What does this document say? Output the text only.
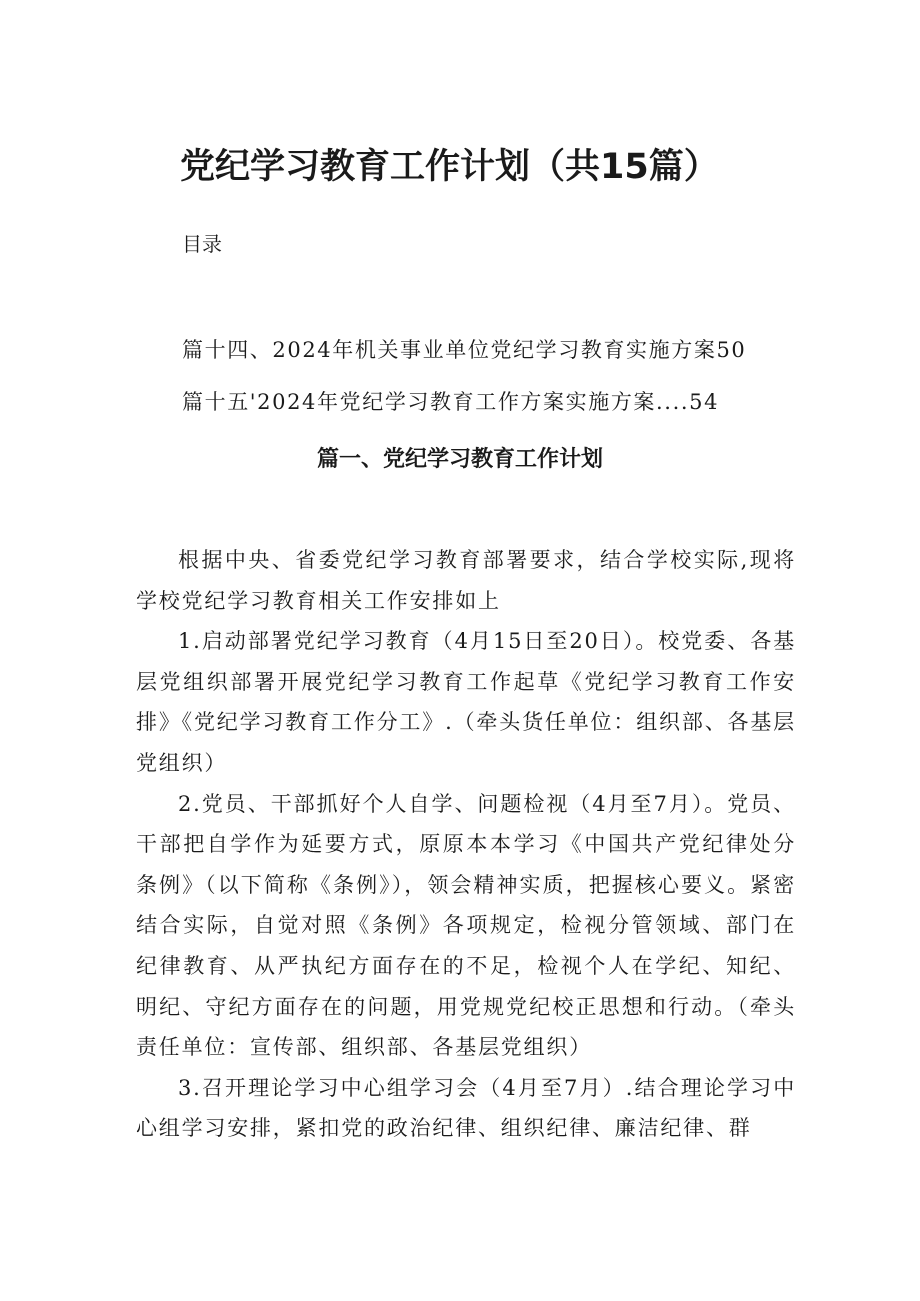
党纪学习教育工作计划（共15篇）
目录
篇十四、2024年机关事业单位党纪学习教育实施方案50
篇十五'2024年党纪学习教育工作方案实施方案....54
篇一、党纪学习教育工作计划

根据中央、省委党纪学习教育部署要求，结合学校实际,现将学校党纪学习教育相关工作安排如上

1.启动部署党纪学习教育（4月15日至20日）。校党委、各基层党组织部署开展党纪学习教育工作起草《党纪学习教育工作安排》《党纪学习教育工作分工》.（牵头货任单位：组织部、各基层党组织）

2.党员、干部抓好个人自学、问题检视（4月至7月）。党员、干部把自学作为延要方式，原原本本学习《中国共产党纪律处分条例》（以下简称《条例》），领会精神实质，把握核心要义。紧密结合实际，自觉对照《条例》各项规定，检视分管领域、部门在纪律教育、从严执纪方面存在的不足，检视个人在学纪、知纪、明纪、守纪方面存在的问题，用党规党纪校正思想和行动。（牵头责任单位：宣传部、组织部、各基层党组织）

3.召开理论学习中心组学习会（4月至7月）.结合理论学习中心组学习安排，紧扣党的政治纪律、组织纪律、廉洁纪律、群
